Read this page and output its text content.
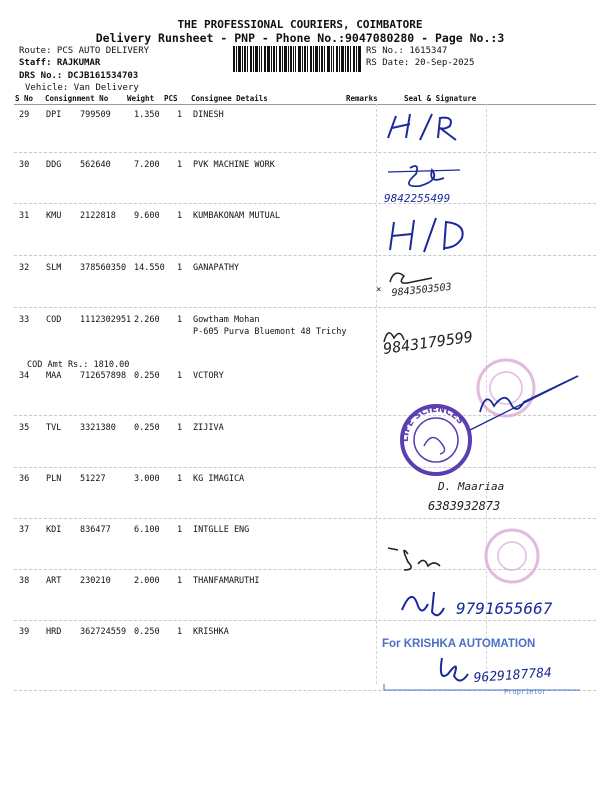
THE PROFESSIONAL COURIERS, COIMBATORE
Delivery Runsheet - PNP - Phone No.:9047080280 - Page No.:3
Route: PCS AUTO DELIVERY
Staff: RAJKUMAR
DRS No.: DCJB161534703
Vehicle: Van Delivery
RS No.: 1615347
RS Date: 20-Sep-2025
S No Consignment No	Weight PCS Consignee Details	Remarks	Seal & Signature
29 DPI 799509	1.350 1 DINESH
30 DDG 562640	7.200 1 PVK MACHINE WORK
31 KMU 2122818 9.600 1 KUMBAKONAM MUTUAL
32 SLM 378560350 14.550 1 GANAPATHY
33 COD 1112302951 2.260 1 Gowtham Mohan
P-605 Purva Bluemont 48 Trichy
COD Amt Rs.: 1810.00
34 MAA 712657898 0.250 1 VCTORY
35 TVL 3321380 0.250 1 ZIJIVA
36 PLN 51227	3.000 1 KG IMAGICA
37 KDI 836477	6.100 1 INTGLLE ENG
38 ART 230210	2.000 1 THANFAMARUTHI
39 HRD 362724559 0.250 1 KRISHKA
9842255499
× 9843503503
9843179599
LIFE SCIENCES
D. Maariaa
6383932873
9791655667
For KRISHKA AUTOMATION
9629187784
Proprietor
